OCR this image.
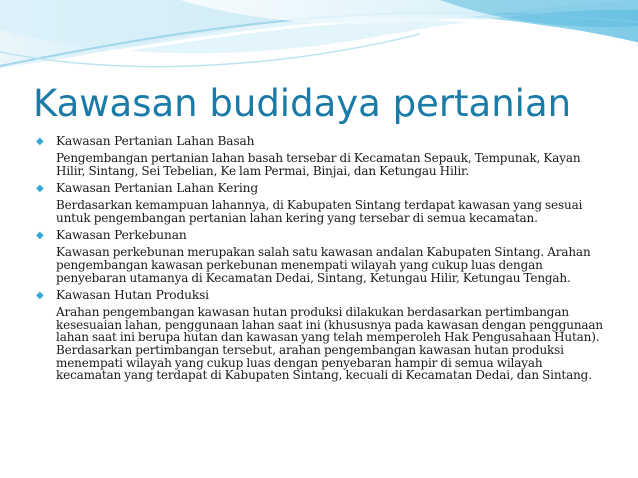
Kawasan budidaya pertanian
◆	Kawasan Pertanian Lahan Basah
Pengembangan pertanian lahan basah tersebar di Kecamatan Sepauk, Tempunak, Kayan Hilir, Sintang, Sei Tebelian, Ke lam Permai, Binjai, dan Ketungau Hilir.
◆	Kawasan Pertanian Lahan Kering
Berdasarkan kemampuan lahannya, di Kabupaten Sintang terdapat kawasan yang sesuai untuk pengembangan pertanian lahan kering yang tersebar di semua kecamatan.
◆	Kawasan Perkebunan
Kawasan perkebunan merupakan salah satu kawasan andalan Kabupaten Sintang. Arahan pengembangan kawasan perkebunan menempati wilayah yang cukup luas dengan penyebaran utamanya di Kecamatan Dedai, Sintang, Ketungau Hilir, Ketungau Tengah.
◆	Kawasan Hutan Produksi
Arahan pengembangan kawasan hutan produksi dilakukan berdasarkan pertimbangan kesesuaian lahan, penggunaan lahan saat ini (khususnya pada kawasan dengan penggunaan lahan saat ini berupa hutan dan kawasan yang telah memperoleh Hak Pengusahaan Hutan). Berdasarkan pertimbangan tersebut, arahan pengembangan kawasan hutan produksi menempati wilayah yang cukup luas dengan penyebaran hampir di semua wilayah kecamatan yang terdapat di Kabupaten Sintang, kecuali di Kecamatan Dedai, dan Sintang.
